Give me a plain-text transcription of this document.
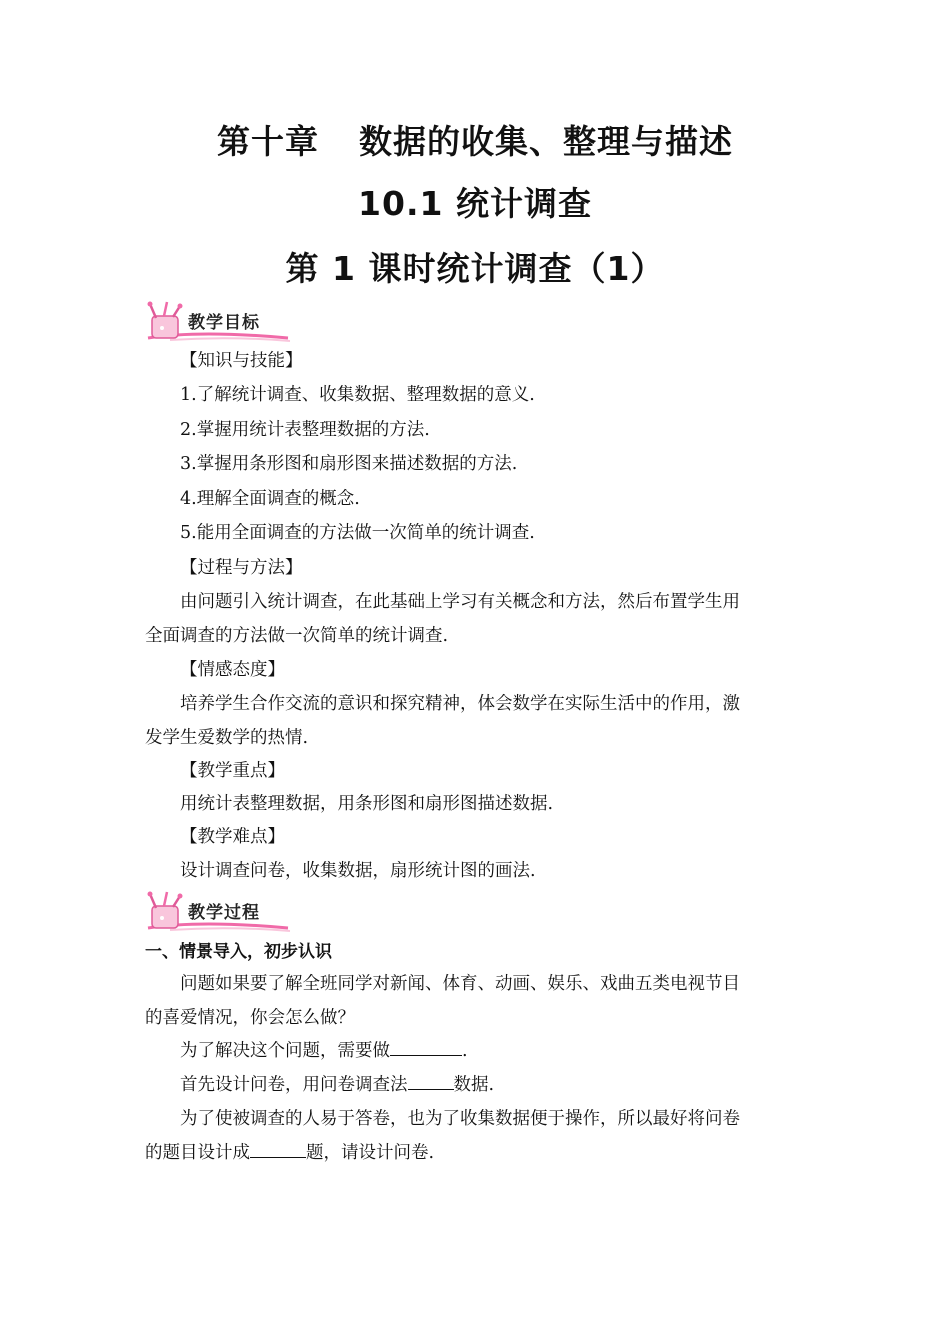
第十章 数据的收集、整理与描述
10.1 统计调查
第 1 课时统计调查（1）
教学目标
【知识与技能】
1.了解统计调查、收集数据、整理数据的意义.
2.掌握用统计表整理数据的方法.
3.掌握用条形图和扇形图来描述数据的方法.
4.理解全面调查的概念.
5.能用全面调查的方法做一次简单的统计调查.
【过程与方法】
由问题引入统计调查，在此基础上学习有关概念和方法，然后布置学生用
全面调查的方法做一次简单的统计调查.
【情感态度】
培养学生合作交流的意识和探究精神，体会数学在实际生活中的作用，激
发学生爱数学的热情.
【教学重点】
用统计表整理数据，用条形图和扇形图描述数据.
【教学难点】
设计调查问卷，收集数据，扇形统计图的画法.
教学过程
一、情景导入，初步认识
问题如果要了解全班同学对新闻、体育、动画、娱乐、戏曲五类电视节目
的喜爱情况，你会怎么做？
为了解决这个问题，需要做	.
首先设计问卷，用问卷调查法	数据.
为了使被调查的人易于答卷，也为了收集数据便于操作，所以最好将问卷
的题目设计成	题，请设计问卷.
